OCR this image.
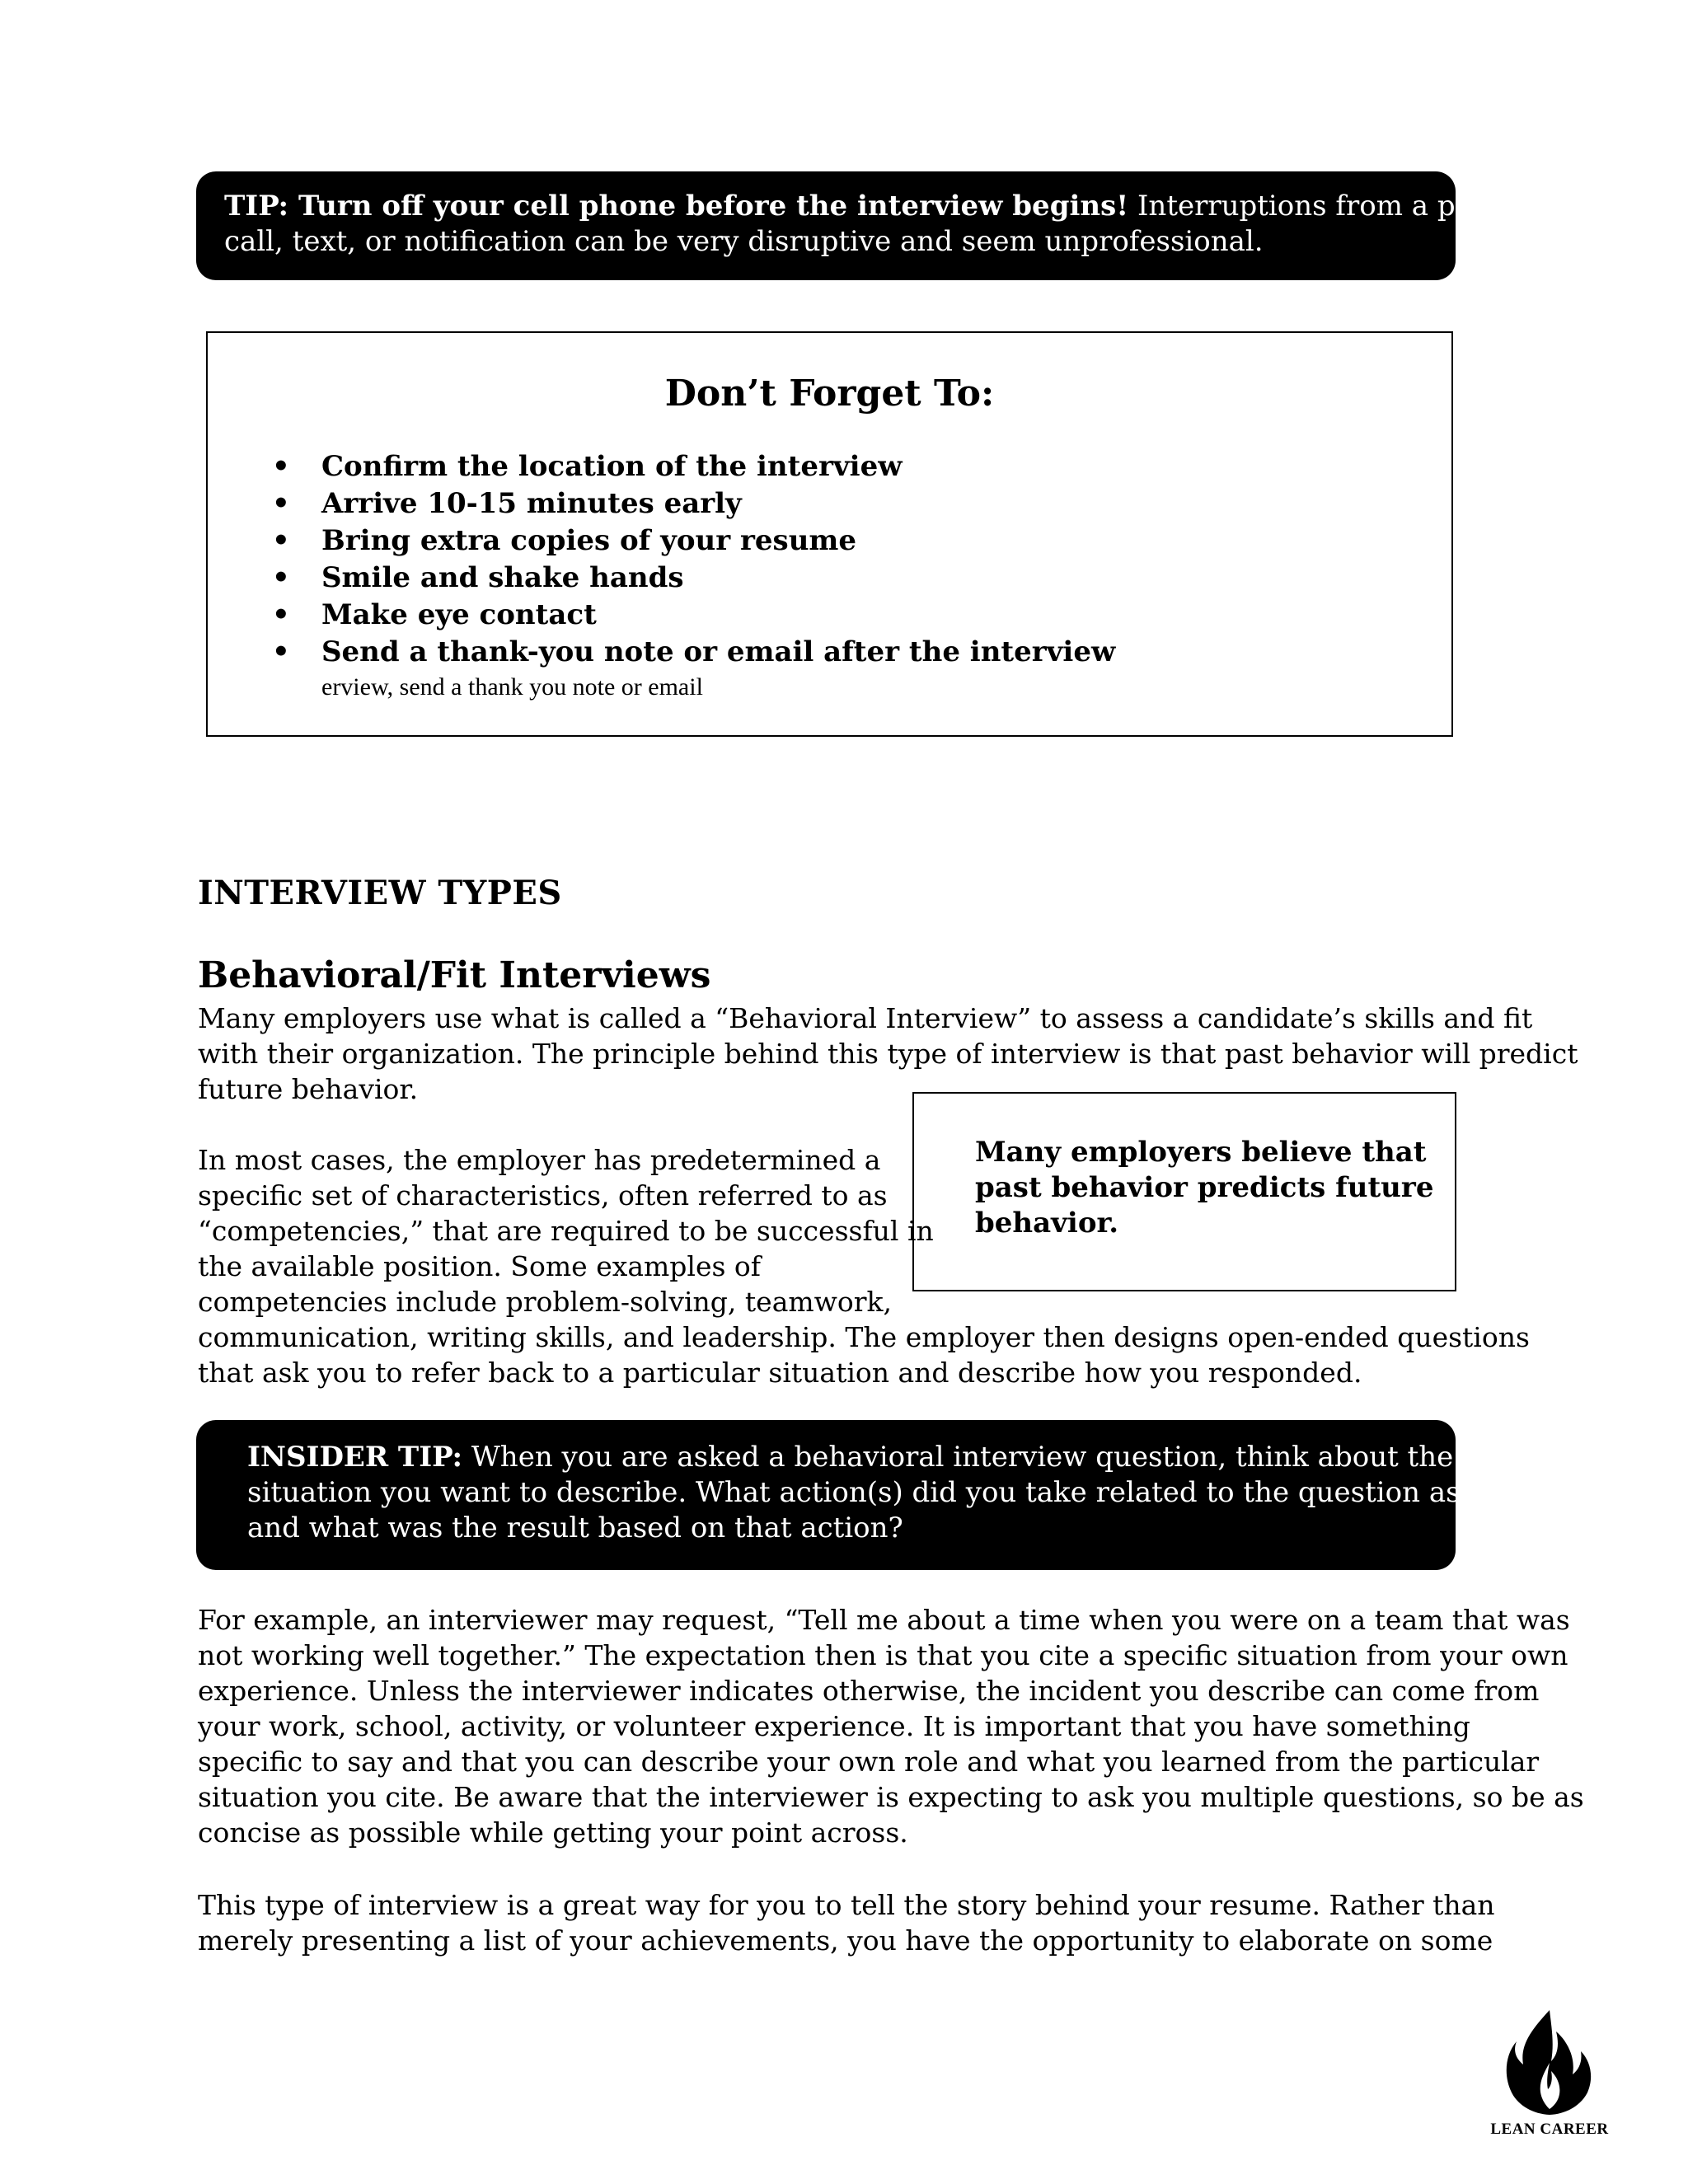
TIP: Turn off your cell phone before the interview begins! Interruptions from a phone
call, text, or notification can be very disruptive and seem unprofessional.
Don’t Forget To:
• Confirm the location of the interview
• Arrive 10-15 minutes early
• Bring extra copies of your resume
• Smile and shake hands
• Make eye contact
• Send a thank-you note or email after the interview
erview, send a thank you note or email
INTERVIEW TYPES
Behavioral/Fit Interviews
Many employers use what is called a “Behavioral Interview” to assess a candidate’s skills and fit
with their organization. The principle behind this type of interview is that past behavior will predict
future behavior.
In most cases, the employer has predetermined a
specific set of characteristics, often referred to as
“competencies,” that are required to be successful in
the available position. Some examples of
competencies include problem-solving, teamwork,
communication, writing skills, and leadership. The employer then designs open-ended questions
that ask you to refer back to a particular situation and describe how you responded.
Many employers believe that
past behavior predicts future
behavior.
INSIDER TIP: When you are asked a behavioral interview question, think about the
situation you want to describe. What action(s) did you take related to the question asked
and what was the result based on that action?
For example, an interviewer may request, “Tell me about a time when you were on a team that was
not working well together.” The expectation then is that you cite a specific situation from your own
experience. Unless the interviewer indicates otherwise, the incident you describe can come from
your work, school, activity, or volunteer experience. It is important that you have something
specific to say and that you can describe your own role and what you learned from the particular
situation you cite. Be aware that the interviewer is expecting to ask you multiple questions, so be as
concise as possible while getting your point across.
This type of interview is a great way for you to tell the story behind your resume. Rather than
merely presenting a list of your achievements, you have the opportunity to elaborate on some
LEAN CAREER
